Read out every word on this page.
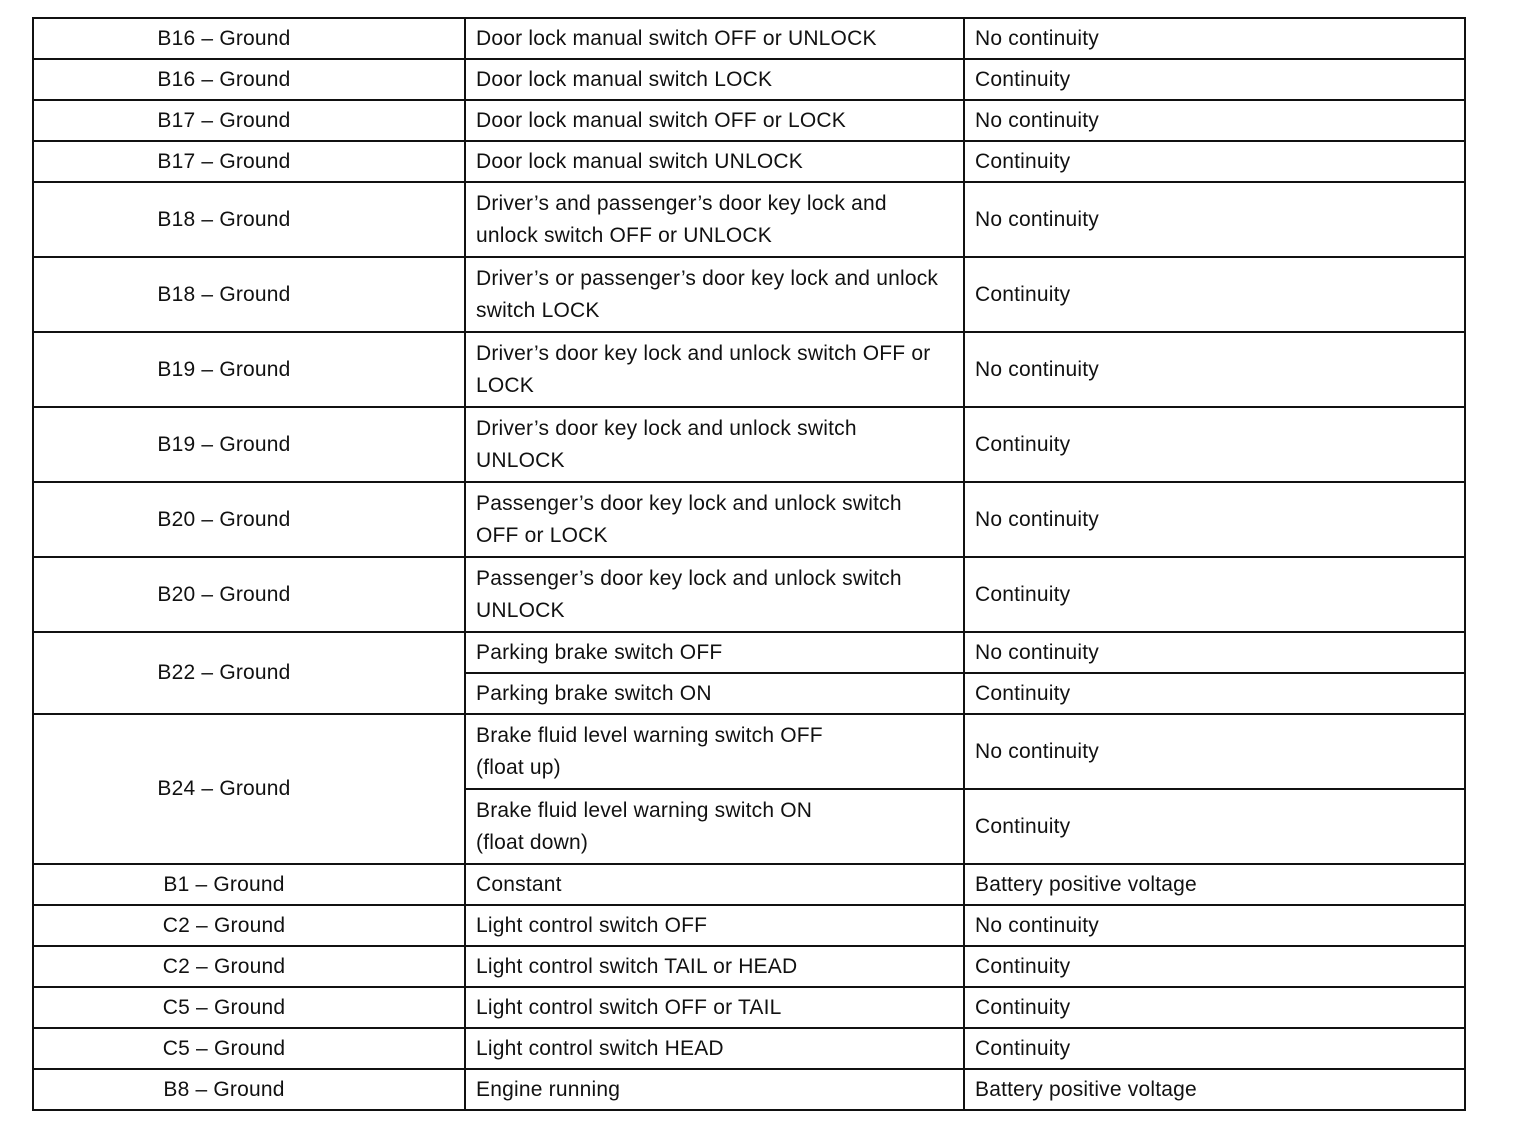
B16 – Ground	Door lock manual switch OFF or UNLOCK	No continuity
B16 – Ground	Door lock manual switch LOCK	Continuity
B17 – Ground	Door lock manual switch OFF or LOCK	No continuity
B17 – Ground	Door lock manual switch UNLOCK	Continuity
B18 – Ground	Driver’s and passenger’s door key lock and
unlock switch OFF or UNLOCK	No continuity
B18 – Ground	Driver’s or passenger’s door key lock and unlock
switch LOCK	Continuity
B19 – Ground	Driver’s door key lock and unlock switch OFF or
LOCK	No continuity
B19 – Ground	Driver’s door key lock and unlock switch
UNLOCK	Continuity
B20 – Ground	Passenger’s door key lock and unlock switch
OFF or LOCK	No continuity
B20 – Ground	Passenger’s door key lock and unlock switch
UNLOCK	Continuity
B22 – Ground	Parking brake switch OFF	No continuity
	Parking brake switch ON	Continuity
B24 – Ground	Brake fluid level warning switch OFF
(float up)	No continuity
	Brake fluid level warning switch ON
(float down)	Continuity
B1 – Ground	Constant	Battery positive voltage
C2 – Ground	Light control switch OFF	No continuity
C2 – Ground	Light control switch TAIL or HEAD	Continuity
C5 – Ground	Light control switch OFF or TAIL	Continuity
C5 – Ground	Light control switch HEAD	Continuity
B8 – Ground	Engine running	Battery positive voltage
